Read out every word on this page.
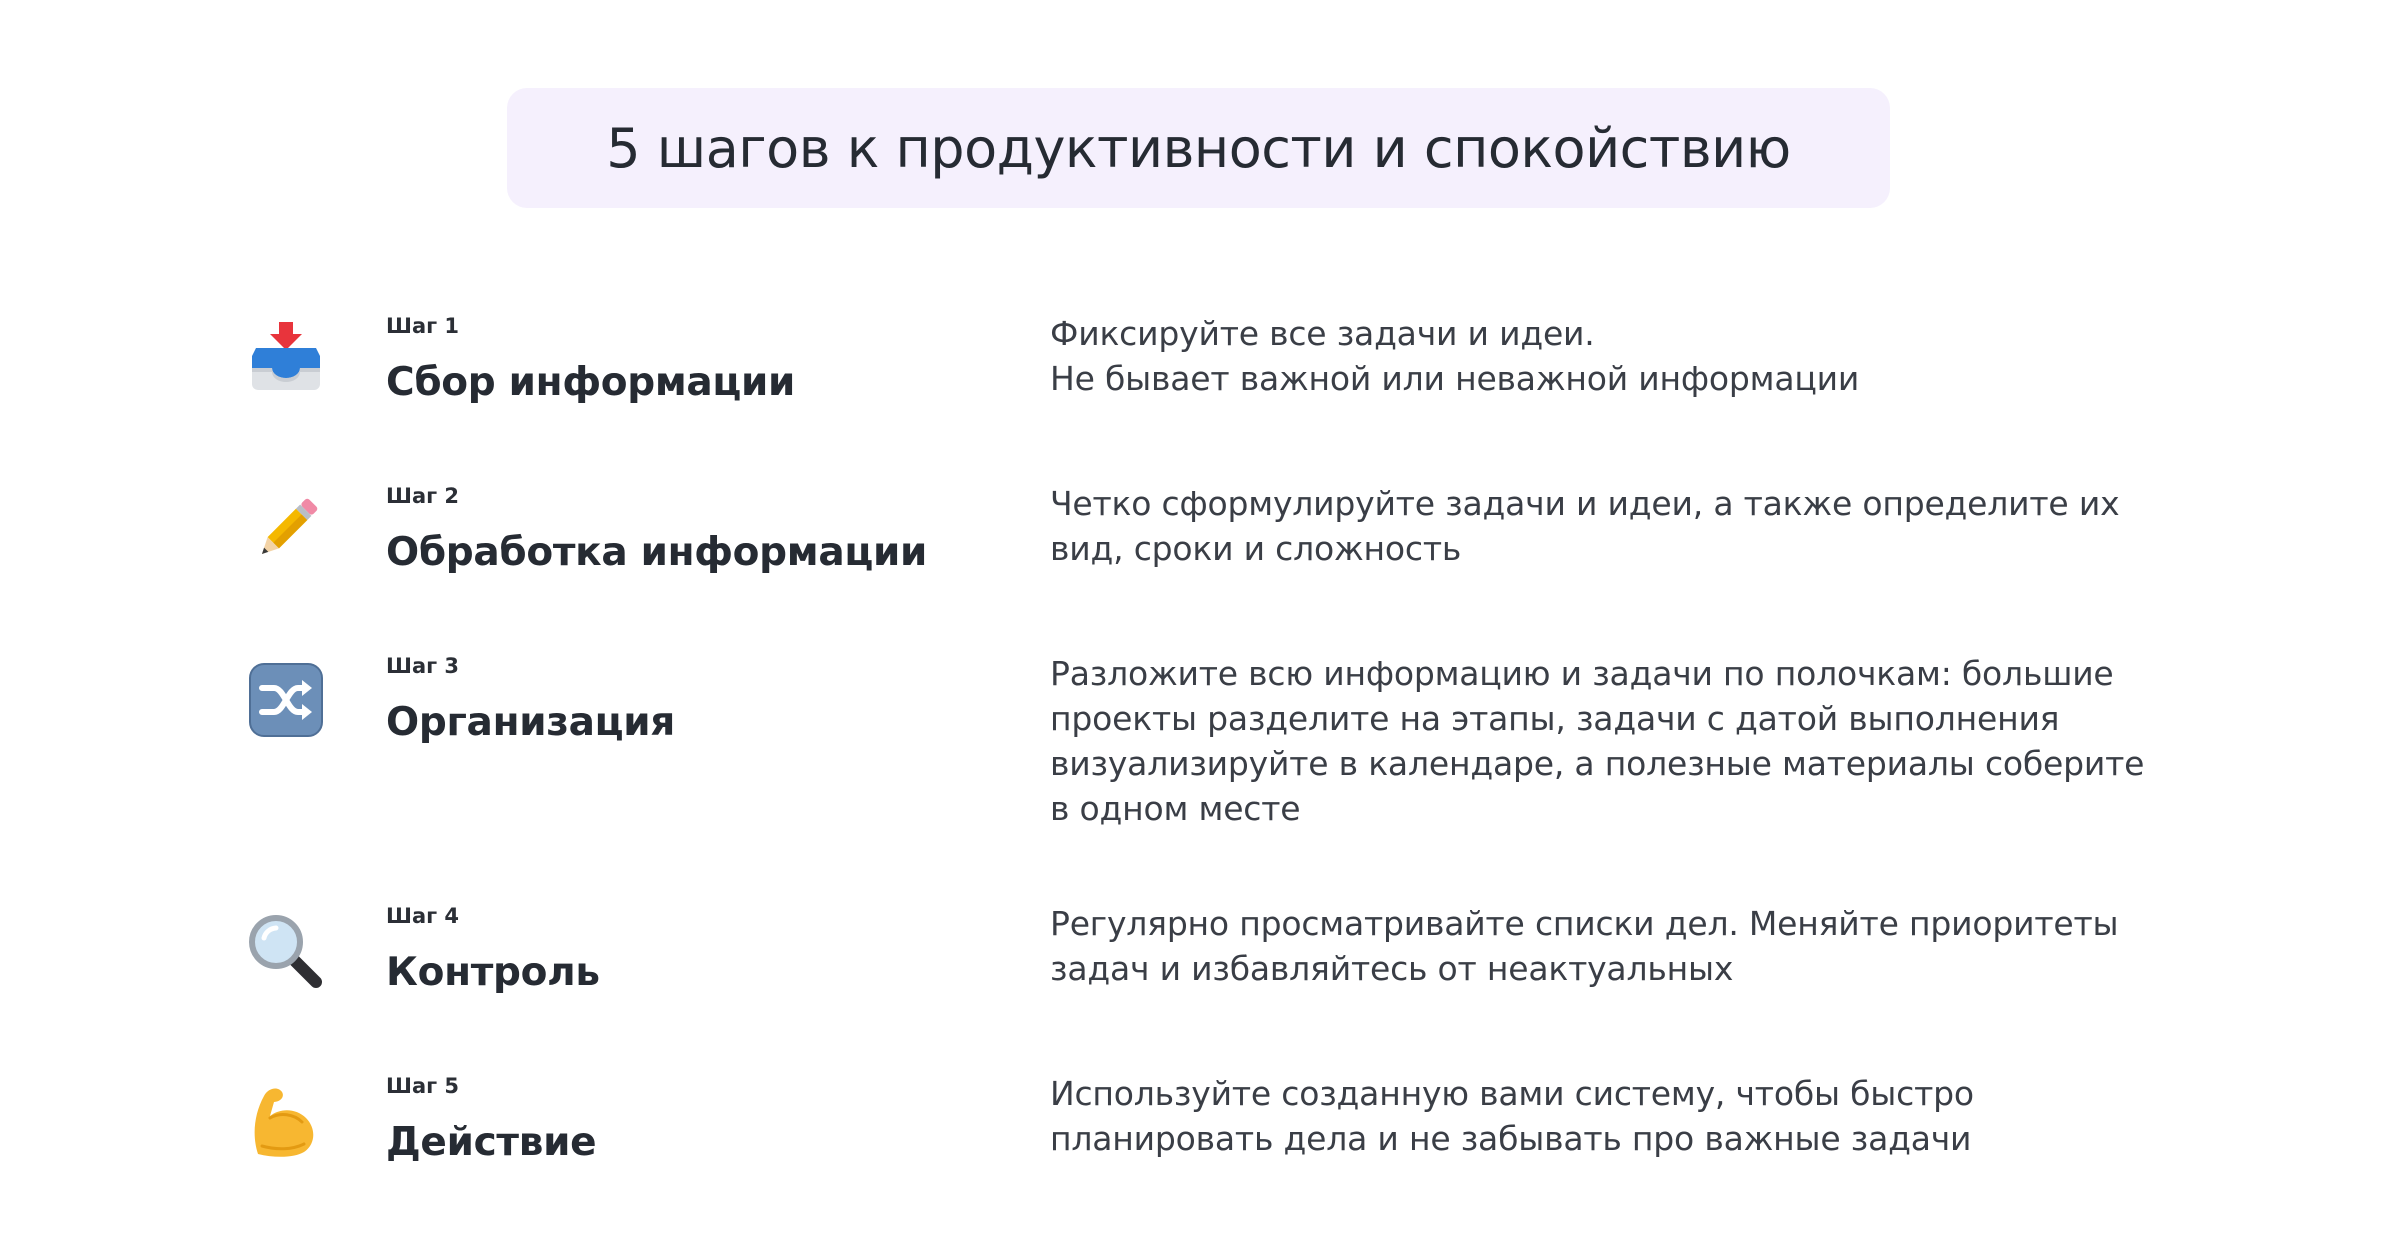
5 шагов к продуктивности и спокойствию
Шаг 1
Сбор информации
Фиксируйте все задачи и идеи.
Не бывает важной или неважной информации
Шаг 2
Обработка информации
Четко сформулируйте задачи и идеи, а также определите их
вид, сроки и сложность
Шаг 3
Организация
Разложите всю информацию и задачи по полочкам: большие
проекты разделите на этапы, задачи с датой выполнения
визуализируйте в календаре, а полезные материалы соберите
в одном месте
Шаг 4
Контроль
Регулярно просматривайте списки дел. Меняйте приоритеты
задач и избавляйтесь от неактуальных
Шаг 5
Действие
Используйте созданную вами систему, чтобы быстро
планировать дела и не забывать про важные задачи
